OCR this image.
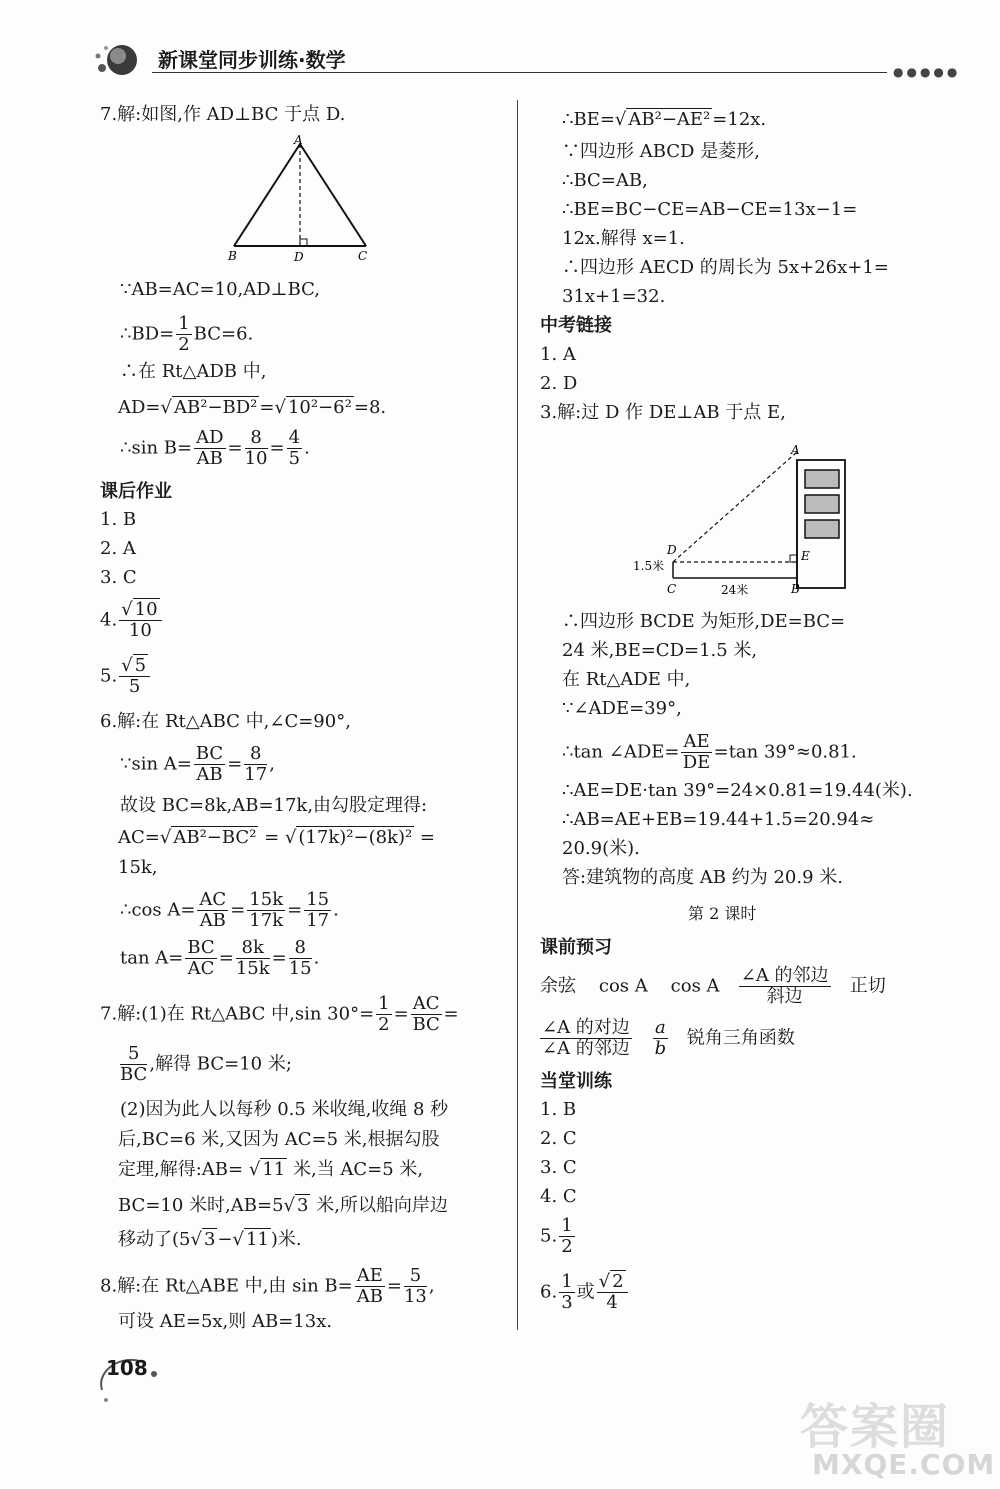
新课堂同步训练·数学	●●●●●
7.解:如图,作 AD⊥BC 于点 D.
A
B	D	C
∵AB=AC=10,AD⊥BC,
∴BD= $\frac{1}{2} BC=6$.
∴在 Rt△ADB 中,
AD=√ AB²−BD² =√ 10²−6² =8.
∴sin $B= \frac{AD}{AB} = \frac{8}{10} = \frac{4}{5}$ .
课后作业
1. B
2. A
3. C
4. $\frac{√ 10}{10}$
5. $\frac{√ 5}{5}$
6.解:在 Rt△ABC 中,∠C=90°,
∵sin $A= \frac{BC}{AB} = \frac{8}{17}$ ,
故设 BC=8k,AB=17k,由勾股定理得:
AC=√ AB²−BC² = √ (17k)²−(8k)² =
15k,
∴cos $A= \frac{AC}{AB} = \frac{15k}{17k} = \frac{15}{17}$ .
$\tan A= \frac{BC}{AC} = \frac{8k}{15k} = \frac{8}{15}$ .
7.解:(1)在 Rt△ABC 中,sin $30^\circ= \frac{1}{2} = \frac{AC}{BC}$ =
$\frac{5}{BC}$ ,解得 BC=10 米;
(2)因为此人以每秒 0.5 米收绳,收绳 8 秒
后,BC=6 米,又因为 AC=5 米,根据勾股
定理,解得:AB= √ 11 米,当 AC=5 米,
BC=10 米时,AB=5√ 3 米,所以船向岸边
移动了(5√ 3 −√ 11 )米.
8.解:在 Rt△ABE 中,由 $\sin B= \frac{AE}{AB} = \frac{5}{13}$ ,
可设 AE=5x,则 AB=13x.
∴BE=√ AB²−AE² =12x.
∵四边形 ABCD 是菱形,
∴BC=AB,
∴BE=BC−CE=AB−CE=13x−1=
12x.解得 x=1.
∴四边形 AECD 的周长为 5x+26x+1=
31x+1=32.
中考链接
1. A
2. D
3.解:过 D 作 DE⊥AB 于点 E,
A
D	E
C	B
1.5米
24米
∴四边形 BCDE 为矩形,DE=BC=
24 米,BE=CD=1.5 米,
在 Rt△ADE 中,
∵∠ADE=39°,
∴tan ∠ADE= $\frac{AE}{DE} =\tan$ 39°≈0.81.
∴AE=DE·tan 39°=24×0.81=19.44(米).
∴AB=AE+EB=19.44+1.5=20.94≈
20.9(米).
答:建筑物的高度 AB 约为 20.9 米.
第 2 课时
课前预习
余弦 cos A cos A $\frac{\text{∠A 的邻边}}{\text{斜边}}$ 正切
$\frac{\text{∠A 的对边}}{\text{∠A 的邻边}}$
$\frac{a}{b}$ 锐角三角函数
当堂训练
1. B
2. C
3. C
4. C
5. $\frac{1}{2}$
6. $\frac{1}{3}$ 或 $\frac{√ 2}{4}$
108
答案圈
MXQE.COM
